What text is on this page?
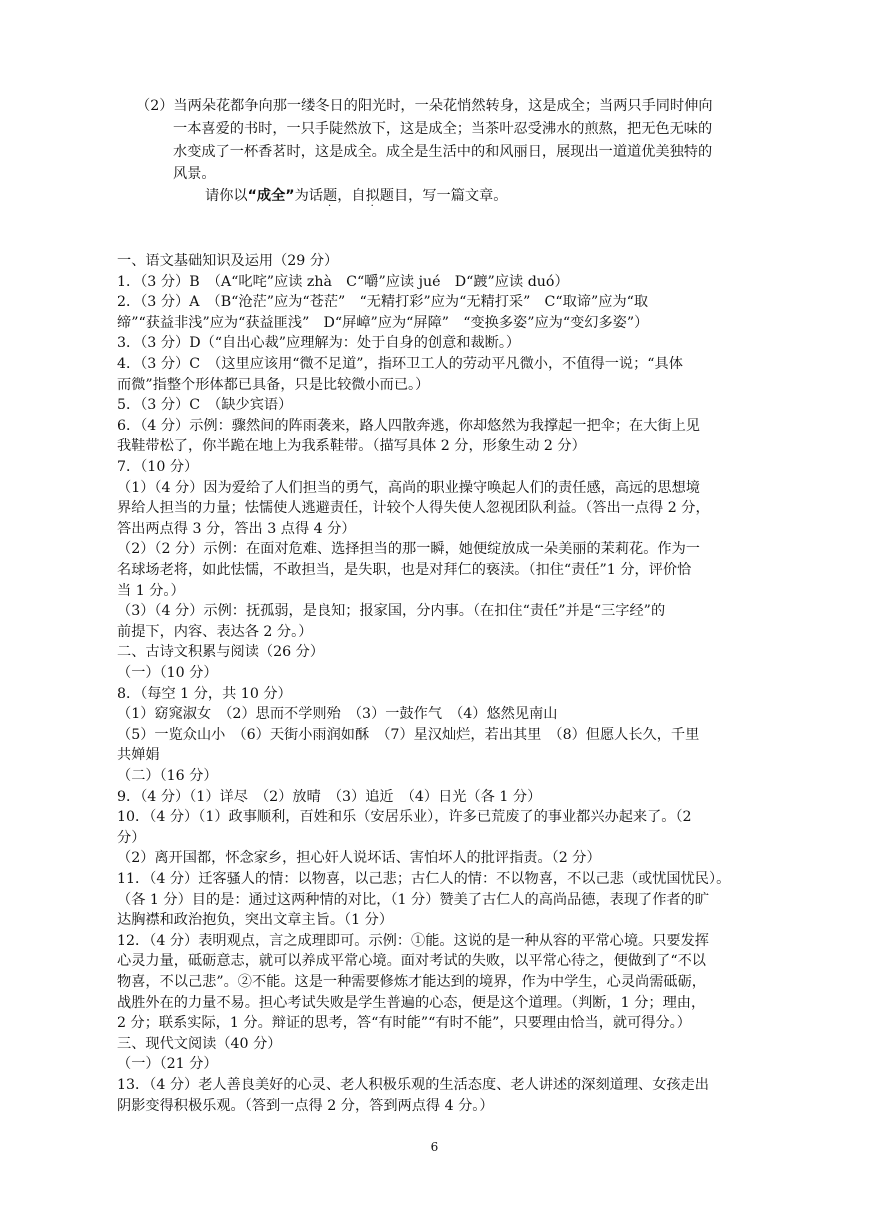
（2）当两朵花都争向那一缕冬日的阳光时，一朵花悄然转身，这是成全；当两只手同时伸向
一本喜爱的书时，一只手陡然放下，这是成全；当茶叶忍受沸水的煎熬，把无色无味的
水变成了一杯香茗时，这是成全。成全是生活中的和风丽日，展现出一道道优美独特的
风景。
请你以“成全”为话题，自拟题目，写一篇文章。
一、语文基础知识及运用（29 分）
1．（3 分）B　（A“叱咤”应读 zhà　C“嚼”应读 jué　D“踱”应读 duó）
2．（3 分）A　（B“沧茫”应为“苍茫”　“无精打彩”应为“无精打采”　C“取谛”应为“取
缔”“获益非浅”应为“获益匪浅”　D“屏嶂”应为“屏障”　“变换多姿”应为“变幻多姿”）
3．（3 分）D（“自出心裁”应理解为：处于自身的创意和裁断。）
4．（3 分）C　（这里应该用“微不足道”，指环卫工人的劳动平凡微小，不值得一说；“具体
而微”指整个形体都已具备，只是比较微小而已。）
5．（3 分）C　（缺少宾语）
6．（4 分）示例：骤然间的阵雨袭来，路人四散奔逃，你却悠然为我撑起一把伞；在大街上见
我鞋带松了，你半跪在地上为我系鞋带。（描写具体 2 分，形象生动 2 分）
7．（10 分）
（1）（4 分）因为爱给了人们担当的勇气，高尚的职业操守唤起人们的责任感，高远的思想境
界给人担当的力量；怯懦使人逃避责任，计较个人得失使人忽视团队利益。（答出一点得 2 分，
答出两点得 3 分，答出 3 点得 4 分）
（2）（2 分）示例：在面对危难、选择担当的那一瞬，她便绽放成一朵美丽的茉莉花。作为一
名球场老将，如此怯懦，不敢担当，是失职，也是对拜仁的亵渎。（扣住“责任”1 分，评价恰
当 1 分。）
（3）（4 分）示例：抚孤弱，是良知；报家国，分内事。（在扣住“责任”并是“三字经”的
前提下，内容、表达各 2 分。）
二、古诗文积累与阅读（26 分）
（一）（10 分）
8．（每空 1 分，共 10 分）
（1）窈窕淑女　（2）思而不学则殆　（3）一鼓作气　（4）悠然见南山
（5）一览众山小　（6）天街小雨润如酥　（7）星汉灿烂，若出其里　（8）但愿人长久，千里
共婵娟
（二）（16 分）
9．（4 分）（1）详尽　（2）放晴　（3）追近　（4）日光（各 1 分）
10．（4 分）（1）政事顺利，百姓和乐（安居乐业），许多已荒废了的事业都兴办起来了。（2
分）
（2）离开国都，怀念家乡，担心奸人说坏话、害怕坏人的批评指责。（2 分）
11．（4 分）迁客骚人的情：以物喜，以己悲；古仁人的情：不以物喜，不以己悲（或忧国忧民）。
（各 1 分）目的是：通过这两种情的对比，（1 分）赞美了古仁人的高尚品德，表现了作者的旷
达胸襟和政治抱负，突出文章主旨。（1 分）
12．（4 分）表明观点，言之成理即可。示例：①能。这说的是一种从容的平常心境。只要发挥
心灵力量，砥砺意志，就可以养成平常心境。面对考试的失败，以平常心待之，便做到了“不以
物喜，不以己悲”。②不能。这是一种需要修炼才能达到的境界，作为中学生，心灵尚需砥砺，
战胜外在的力量不易。担心考试失败是学生普遍的心态，便是这个道理。（判断，1 分；理由，
2 分；联系实际，1 分。辩证的思考，答“有时能”“有时不能”，只要理由恰当，就可得分。）
三、现代文阅读（40 分）
（一）（21 分）
13．（4 分）老人善良美好的心灵、老人积极乐观的生活态度、老人讲述的深刻道理、女孩走出
阴影变得积极乐观。（答到一点得 2 分，答到两点得 4 分。）
6
